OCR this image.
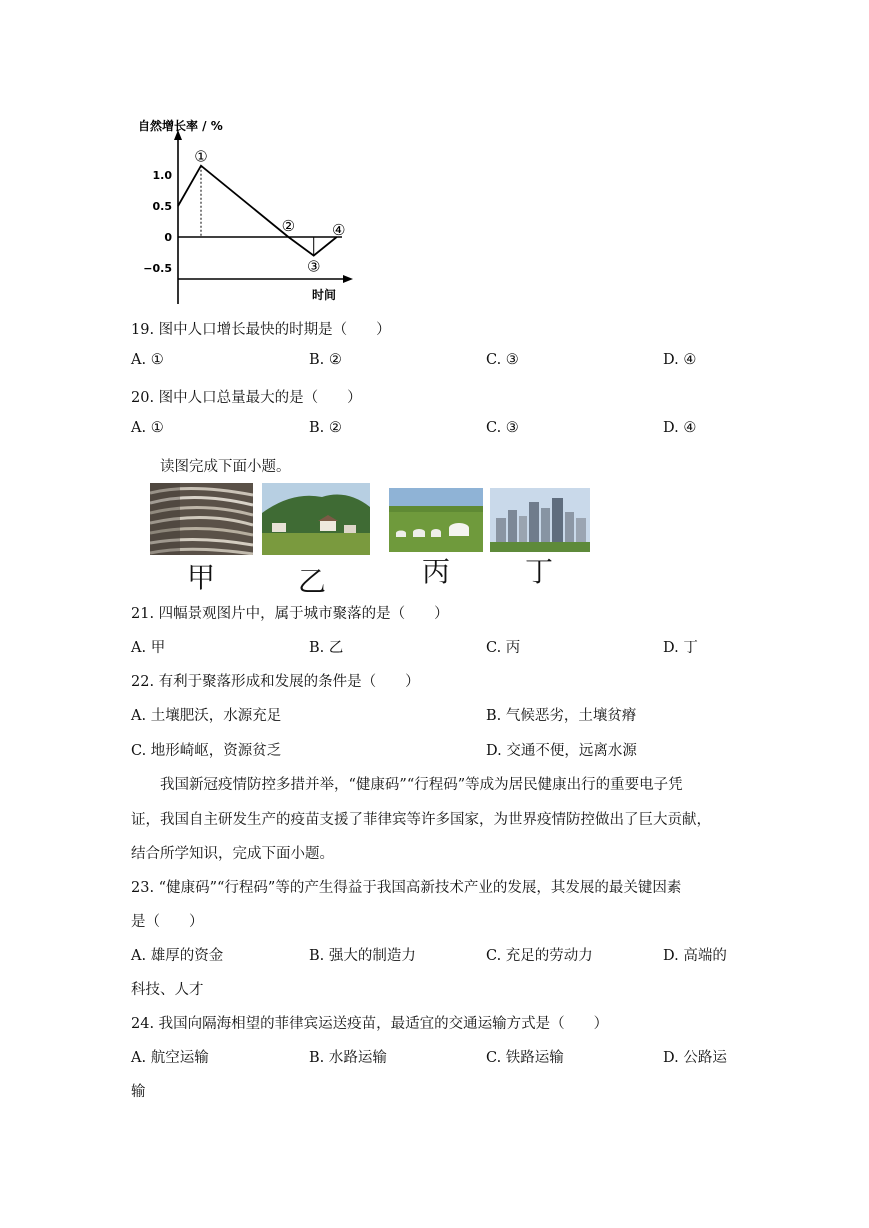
自然增长率 / %
时间
1.0
0.5
0
−0.5
①
②
③
④
19. 图中人口增长最快的时期是（　　）
A. ①	B. ②	C. ③	D. ④
20. 图中人口总量最大的是（　　）
A. ①	B. ②	C. ③	D. ④
读图完成下面小题。
甲	乙	丙	丁
21. 四幅景观图片中，属于城市聚落的是（　　）
A. 甲	B. 乙	C. 丙	D. 丁
22. 有利于聚落形成和发展的条件是（　　）
A. 土壤肥沃，水源充足	B. 气候恶劣，土壤贫瘠
C. 地形崎岖，资源贫乏	D. 交通不便，远离水源
我国新冠疫情防控多措并举，“健康码”“行程码”等成为居民健康出行的重要电子凭
证，我国自主研发生产的疫苗支援了菲律宾等许多国家，为世界疫情防控做出了巨大贡献，
结合所学知识，完成下面小题。
23. “健康码”“行程码”等的产生得益于我国高新技术产业的发展，其发展的最关键因素
是（　　）
A. 雄厚的资金	B. 强大的制造力	C. 充足的劳动力	D. 高端的
科技、人才
24. 我国向隔海相望的菲律宾运送疫苗，最适宜的交通运输方式是（　　）
A. 航空运输	B. 水路运输	C. 铁路运输	D. 公路运
输
